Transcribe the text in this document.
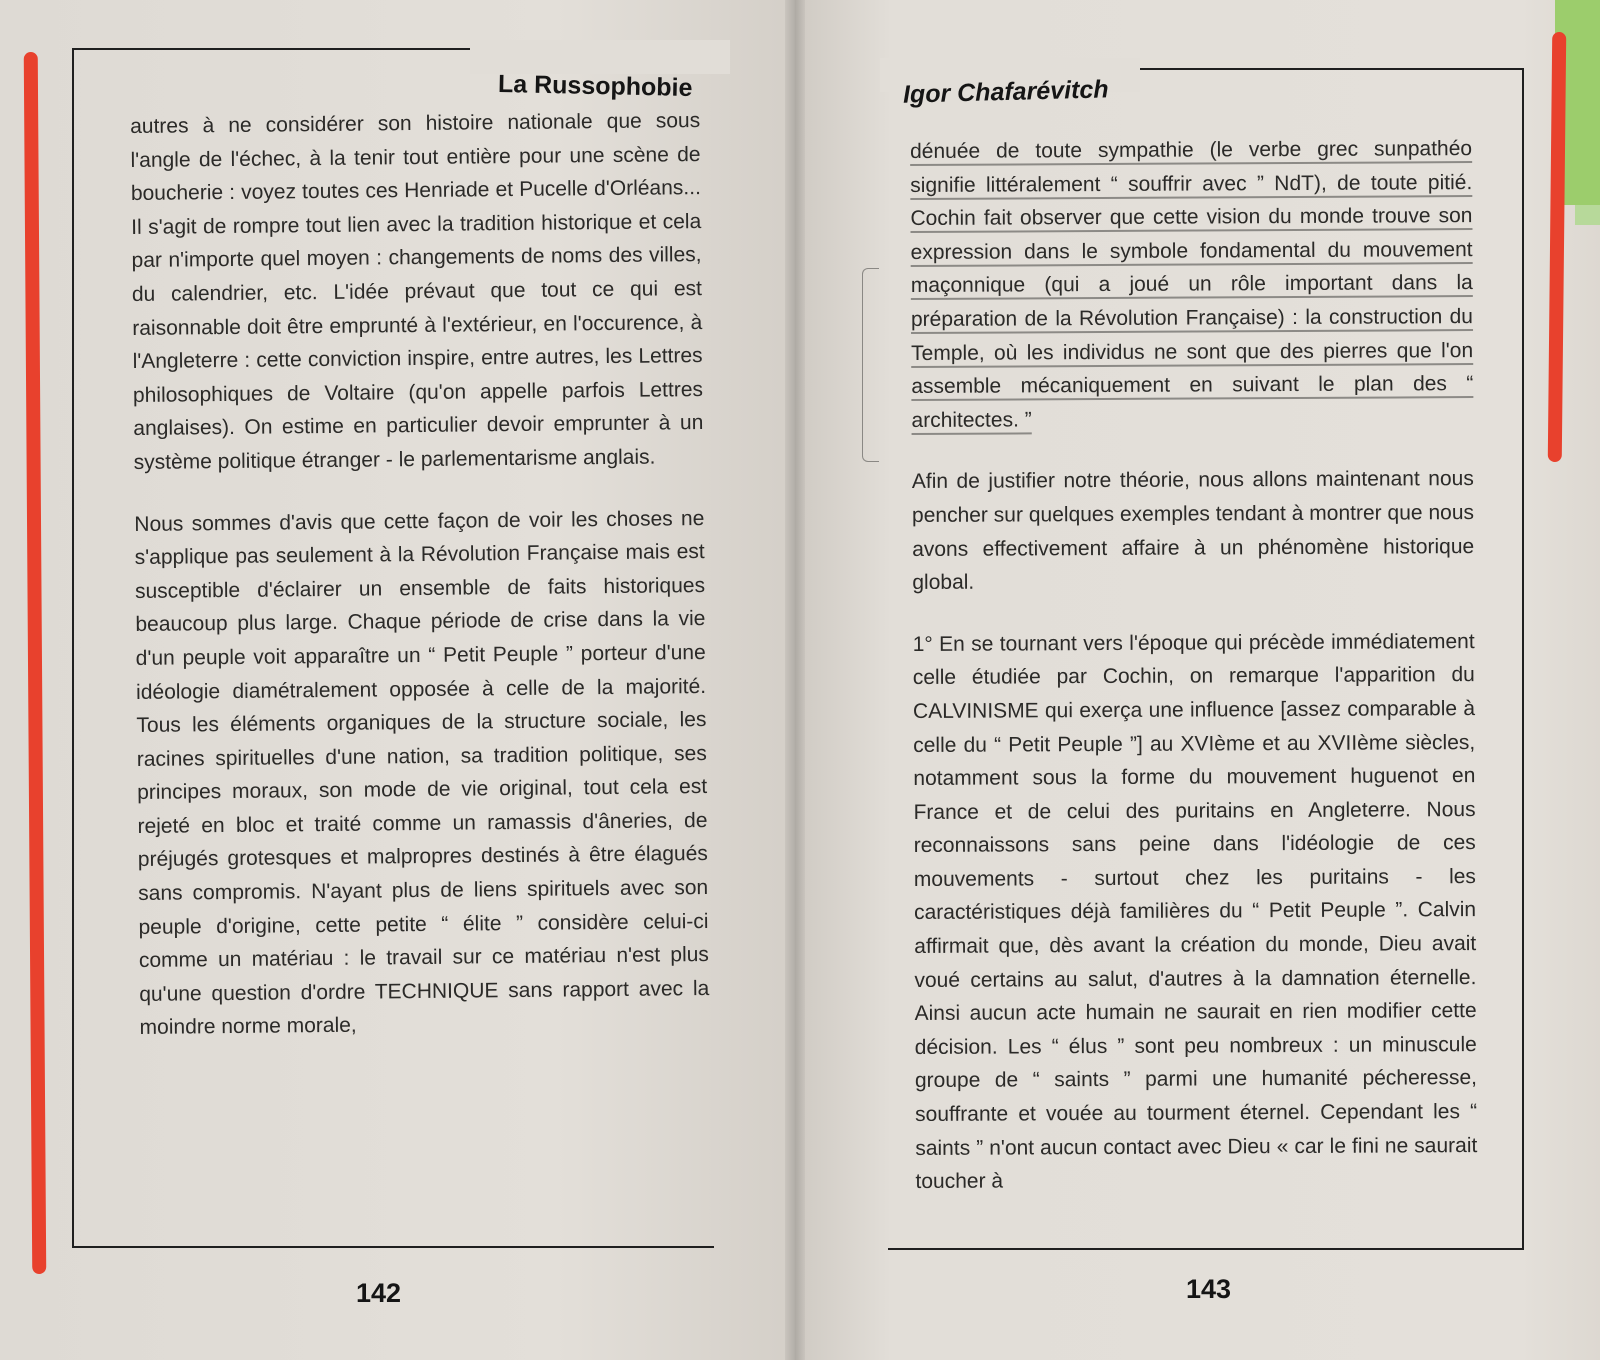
La Russophobie	Igor Chafarévitch

autres à ne considérer son histoire nationale que sous l'angle de l'échec, à la tenir tout entière pour une scène de boucherie : voyez toutes ces Henriade et Pucelle d'Orléans... Il s'agit de rompre tout lien avec la tradition historique et cela par n'importe quel moyen : changements de noms des villes, du calendrier, etc. L'idée prévaut que tout ce qui est raisonnable doit être emprunté à l'extérieur, en l'occurence, à l'Angleterre : cette conviction inspire, entre autres, les Lettres philosophiques de Voltaire (qu'on appelle parfois Lettres anglaises). On estime en particulier devoir emprunter à un système politique étranger - le parlementarisme anglais.

Nous sommes d'avis que cette façon de voir les choses ne s'applique pas seulement à la Révolution Française mais est susceptible d'éclairer un ensemble de faits historiques beaucoup plus large. Chaque période de crise dans la vie d'un peuple voit apparaître un “ Petit Peuple ” porteur d'une idéologie diamétralement opposée à celle de la majorité. Tous les éléments organiques de la structure sociale, les racines spirituelles d'une nation, sa tradition politique, ses principes moraux, son mode de vie original, tout cela est rejeté en bloc et traité comme un ramassis d'âneries, de préjugés grotesques et malpropres destinés à être élagués sans compromis. N'ayant plus de liens spirituels avec son peuple d'origine, cette petite “ élite ” considère celui-ci comme un matériau : le travail sur ce matériau n'est plus qu'une question d'ordre TECHNIQUE sans rapport avec la moindre norme morale,

dénuée de toute sympathie (le verbe grec sunpathéo signifie littéralement “ souffrir avec ” NdT), de toute pitié. Cochin fait observer que cette vision du monde trouve son expression dans le symbole fondamental du mouvement maçonnique (qui a joué un rôle important dans la préparation de la Révolution Française) : la construction du Temple, où les individus ne sont que des pierres que l'on assemble mécaniquement en suivant le plan des “ architectes. ”

Afin de justifier notre théorie, nous allons maintenant nous pencher sur quelques exemples tendant à montrer que nous avons effectivement affaire à un phénomène historique global.

1° En se tournant vers l'époque qui précède immédiatement celle étudiée par Cochin, on remarque l'apparition du CALVINISME qui exerça une influence [assez comparable à celle du “ Petit Peuple ”] au XVIème et au XVIIème siècles, notamment sous la forme du mouvement huguenot en France et de celui des puritains en Angleterre. Nous reconnaissons sans peine dans l'idéologie de ces mouvements - surtout chez les puritains - les caractéristiques déjà familières du “ Petit Peuple ”. Calvin affirmait que, dès avant la création du monde, Dieu avait voué certains au salut, d'autres à la damnation éternelle. Ainsi aucun acte humain ne saurait en rien modifier cette décision. Les “ élus ” sont peu nombreux : un minuscule groupe de “ saints ” parmi une humanité pécheresse, souffrante et vouée au tourment éternel. Cependant les “ saints ” n'ont aucun contact avec Dieu « car le fini ne saurait toucher à

142	143
